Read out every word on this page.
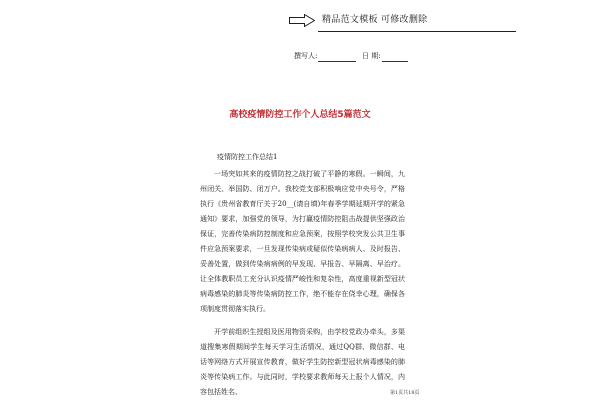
精品范文模板 可修改删除
撰写人:	日 期:
高校疫情防控工作个人总结5篇范文
疫情防控工作总结1

一场突如其来的疫情防控之战打破了平静的寒假。一瞬间，九州闭关、举国防、闭万户。我校党支部积极响应党中央号令，严格执行《贵州省教育厅关于20__(请自填)年春季学期延期开学的紧急通知》要求，加强党的领导，为打赢疫情防控阻击战提供坚强政治保证，完善传染病防控制度和应急预案，按照学校突发公共卫生事件应急预案要求，一旦发现传染病或疑似传染病病人、及时报告、妥善处置，做到传染病病例的早发现、早报告、早隔离、早治疗。让全体教职员工充分认识疫情严峻性和复杂性，高度重视新型冠状病毒感染的肺炎等传染病防控工作，绝不能存在侥幸心理，确保各项制度贯彻落实执行。

开学前组织生授组及医用物资采购，由学校党政办牵头，多渠道搜集寒假期间学生每天学习生活情况，通过QQ群、微信群、电话等网络方式开展宣传教育，做好学生防控新型冠状病毒感染的肺炎等传染病工作。与此同时，学校要求教师每天上报个人情况，内容包括姓名、	第1页共18页
